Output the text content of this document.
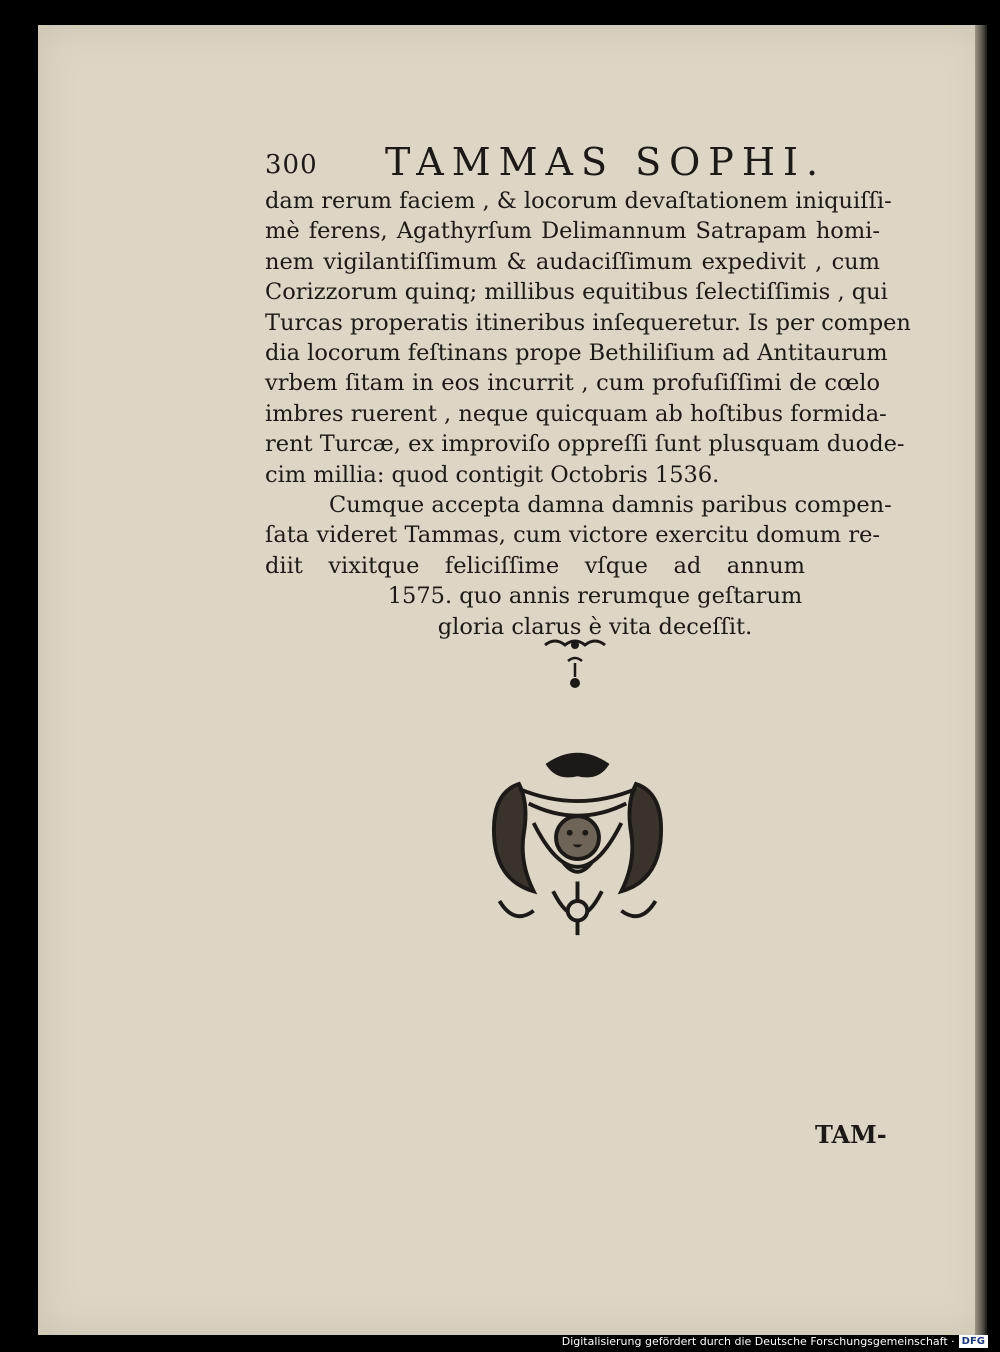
300 TAMMAS SOPHI.
dam rerum faciem , & locorum devaſtationem iniquiſſi-
mè ferens, Agathyrſum Delimannum Satrapam homi-
nem vigilantiſſimum & audaciſſimum expedivit , cum
Corizzorum quinq; millibus equitibus ſelectiſſimis , qui
Turcas properatis itineribus inſequeretur. Is per compen
dia locorum feſtinans prope Bethiliſium ad Antitaurum
vrbem ſitam in eos incurrit , cum profuſiſſimi de cœlo
imbres ruerent , neque quicquam ab hoſtibus formida-
rent Turcæ, ex improviſo oppreſſi ſunt plusquam duode-
cim millia: quod contigit Octobris 1536.
Cumque accepta damna damnis paribus compen-
ſata videret Tammas, cum victore exercitu domum re-
diit vixitque feliciſſime vſque ad annum
1575. quo annis rerumque geſtarum
gloria clarus è vita deceſſit.
TAM-
Digitalisierung gefördert durch die Deutsche Forschungsgemeinschaft · DFG
